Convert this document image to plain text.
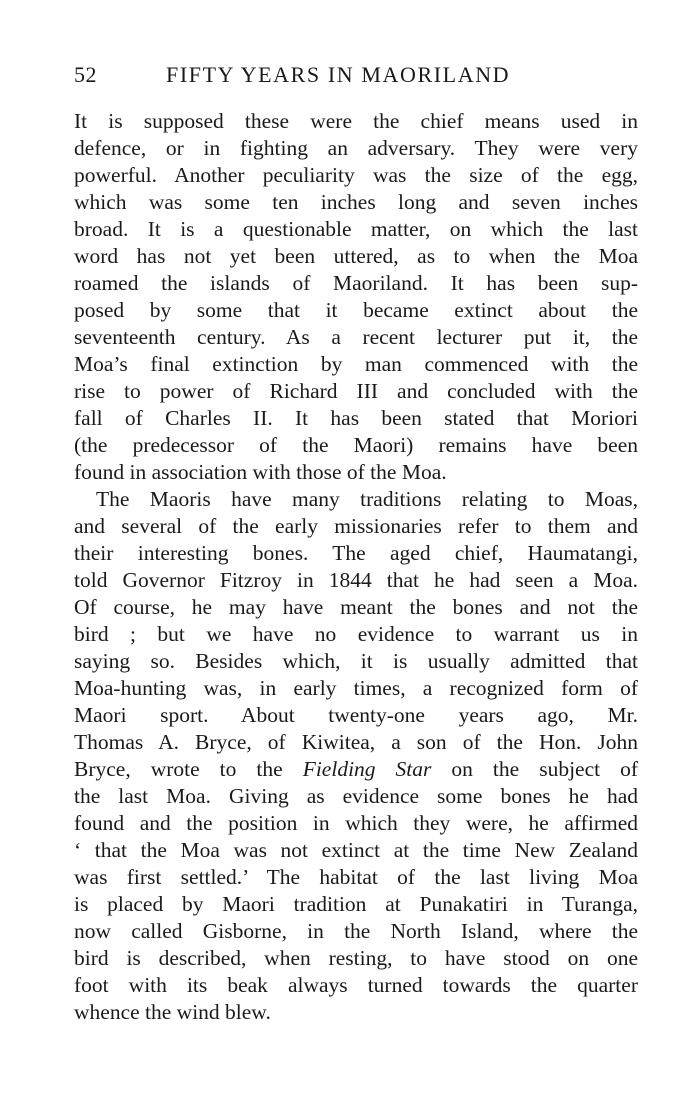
52	FIFTY YEARS IN MAORILAND
It is supposed these were the chief means used in
defence, or in fighting an adversary. They were very
powerful. Another peculiarity was the size of the egg,
which was some ten inches long and seven inches
broad. It is a questionable matter, on which the last
word has not yet been uttered, as to when the Moa
roamed the islands of Maoriland. It has been sup-
posed by some that it became extinct about the
seventeenth century. As a recent lecturer put it, the
Moa’s final extinction by man commenced with the
rise to power of Richard III and concluded with the
fall of Charles II. It has been stated that Moriori
(the predecessor of the Maori) remains have been
found in association with those of the Moa.
The Maoris have many traditions relating to Moas,
and several of the early missionaries refer to them and
their interesting bones. The aged chief, Haumatangi,
told Governor Fitzroy in 1844 that he had seen a Moa.
Of course, he may have meant the bones and not the
bird ; but we have no evidence to warrant us in
saying so. Besides which, it is usually admitted that
Moa-hunting was, in early times, a recognized form of
Maori sport. About twenty-one years ago, Mr.
Thomas A. Bryce, of Kiwitea, a son of the Hon. John
Bryce, wrote to the Fielding Star on the subject of
the last Moa. Giving as evidence some bones he had
found and the position in which they were, he affirmed
‘ that the Moa was not extinct at the time New Zealand
was first settled.’ The habitat of the last living Moa
is placed by Maori tradition at Punakatiri in Turanga,
now called Gisborne, in the North Island, where the
bird is described, when resting, to have stood on one
foot with its beak always turned towards the quarter
whence the wind blew.
